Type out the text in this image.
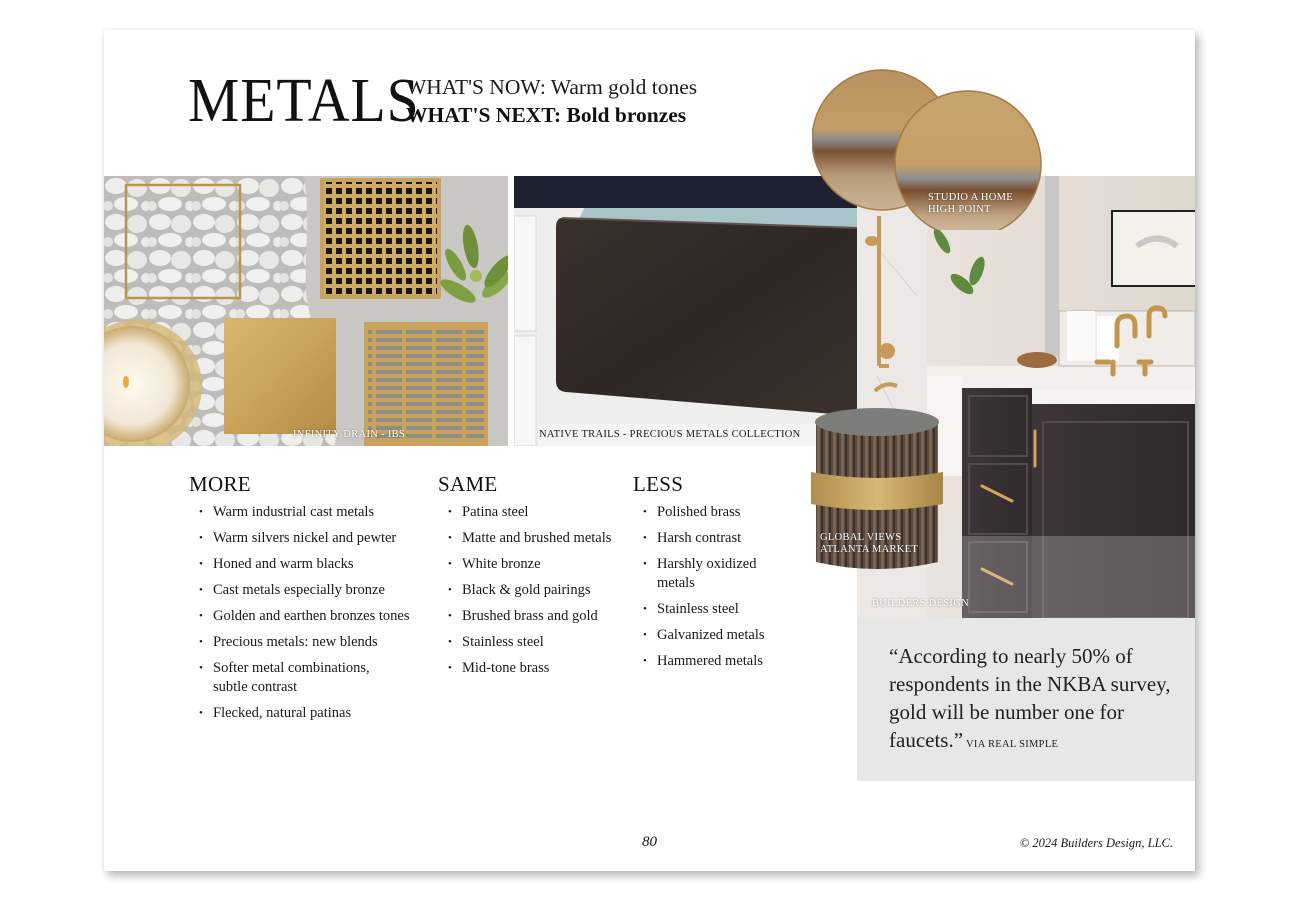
METALS
WHAT'S NOW: Warm gold tones
WHAT'S NEXT: Bold bronzes
INFINITY DRAIN - IBS	NATIVE TRAILS - PRECIOUS METALS COLLECTION
BUILDERS DESIGN
STUDIO A HOME
HIGH POINT
GLOBAL VIEWS
ATLANTA MARKET
“According to nearly 50% of respondents in the NKBA survey, gold will be number one for faucets.” VIA REAL SIMPLE
MORE
• Warm industrial cast metals
• Warm silvers nickel and pewter
• Honed and warm blacks
• Cast metals especially bronze
• Golden and earthen bronzes tones
• Precious metals: new blends
• Softer metal combinations, subtle contrast
• Flecked, natural patinas
SAME
• Patina steel
• Matte and brushed metals
• White bronze
• Black & gold pairings
• Brushed brass and gold
• Stainless steel
• Mid-tone brass
LESS
• Polished brass
• Harsh contrast
• Harshly oxidized metals
• Stainless steel
• Galvanized metals
• Hammered metals
80	© 2024 Builders Design, LLC.
